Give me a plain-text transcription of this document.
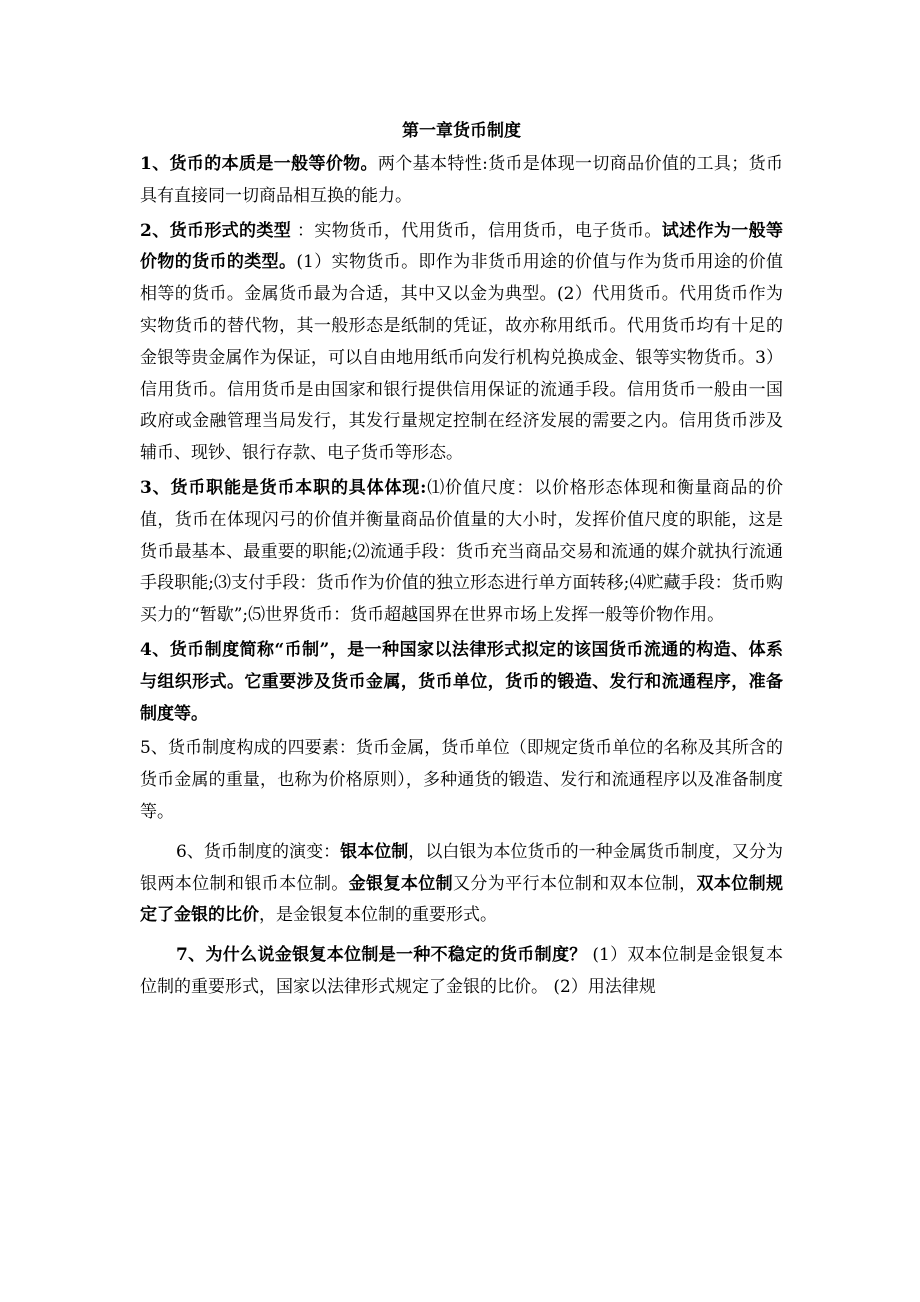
第一章货币制度

1、货币的本质是一般等价物。两个基本特性:货币是体现一切商品价值的工具；货币具有直接同一切商品相互换的能力。

2、货币形式的类型 ：实物货币，代用货币，信用货币，电子货币。试述作为一般等价物的货币的类型。(1）实物货币。即作为非货币用途的价值与作为货币用途的价值相等的货币。金属货币最为合适，其中又以金为典型。(2）代用货币。代用货币作为实物货币的替代物，其一般形态是纸制的凭证，故亦称用纸币。代用货币均有十足的金银等贵金属作为保证，可以自由地用纸币向发行机构兑换成金、银等实物货币。3）信用货币。信用货币是由国家和银行提供信用保证的流通手段。信用货币一般由一国政府或金融管理当局发行，其发行量规定控制在经济发展的需要之内。信用货币涉及辅币、现钞、银行存款、电子货币等形态。

3、货币职能是货币本职的具体体现:⑴价值尺度：以价格形态体现和衡量商品的价值，货币在体现闪弓的价值并衡量商品价值量的大小时，发挥价值尺度的职能，这是货币最基本、最重要的职能;⑵流通手段：货币充当商品交易和流通的媒介就执行流通手段职能;⑶支付手段：货币作为价值的独立形态进行单方面转移;⑷贮藏手段：货币购买力的“暂歇”;⑸世界货币：货币超越国界在世界市场上发挥一般等价物作用。

4、货币制度简称“币制”，是一种国家以法律形式拟定的该国货币流通的构造、体系与组织形式。它重要涉及货币金属，货币单位，货币的锻造、发行和流通程序，准备制度等。

5、货币制度构成的四要素：货币金属，货币单位（即规定货币单位的名称及其所含的货币金属的重量，也称为价格原则），多种通货的锻造、发行和流通程序以及准备制度等。

6、货币制度的演变：银本位制，以白银为本位货币的一种金属货币制度，又分为银两本位制和银币本位制。金银复本位制又分为平行本位制和双本位制，双本位制规定了金银的比价，是金银复本位制的重要形式。

7、为什么说金银复本位制是一种不稳定的货币制度？ (1）双本位制是金银复本位制的重要形式，国家以法律形式规定了金银的比价。 (2）用法律规
